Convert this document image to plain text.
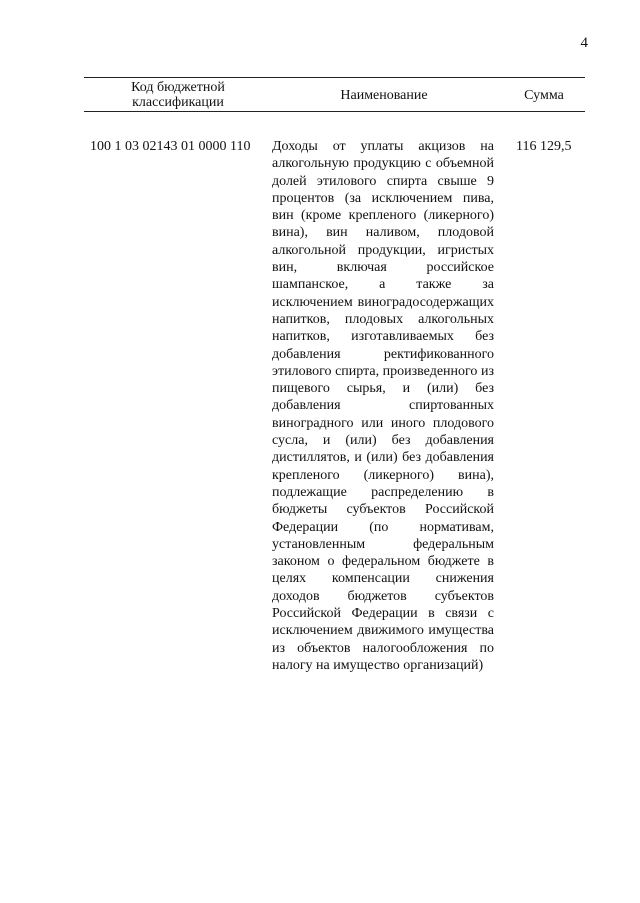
4
Код бюджетной классификации	Наименование	Сумма
100 1 03 02143 01 0000 110 Доходы от уплаты акцизов на алкогольную продукцию с объемной долей этилового спирта свыше 9 процентов (за исключением пива, вин (кроме крепленого (ликерного) вина), вин наливом, плодовой алкогольной продукции, игристых вин, включая российское шампанское, а также за исключением виноградосодержащих напитков, плодовых алкогольных напитков, изготавливаемых без добавления ректификованного этилового спирта, произведенного из пищевого сырья, и (или) без добавления спиртованных виноградного или иного плодового сусла, и (или) без добавления дистиллятов, и (или) без добавления крепленого (ликерного) вина), подлежащие распределению в бюджеты субъектов Российской Федерации (по нормативам, установленным федеральным законом о федеральном бюджете в целях компенсации снижения доходов бюджетов субъектов Российской Федерации в связи с исключением движимого имущества из объектов налогообложения по налогу на имущество организаций)
116 129,5
